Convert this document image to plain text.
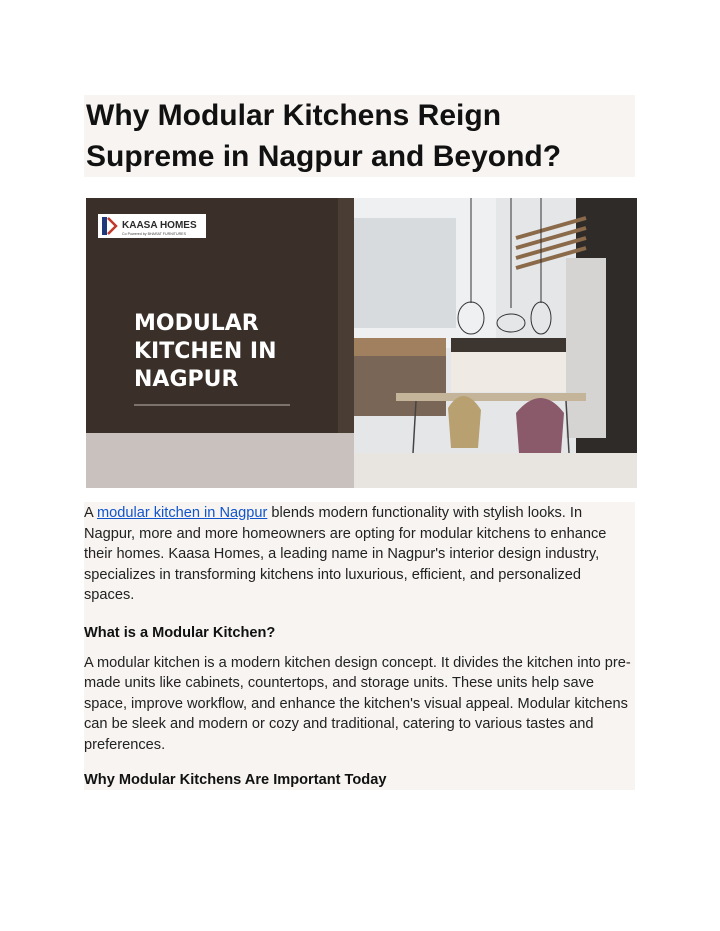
Why Modular Kitchens Reign Supreme in Nagpur and Beyond?
KAASA HOMES
Co Powered by BHARAT FURNITURES
MODULAR
KITCHEN IN
NAGPUR

A modular kitchen in Nagpur blends modern functionality with stylish looks. In Nagpur, more and more homeowners are opting for modular kitchens to enhance their homes. Kaasa Homes, a leading name in Nagpur's interior design industry, specializes in transforming kitchens into luxurious, efficient, and personalized spaces.

What is a Modular Kitchen?

A modular kitchen is a modern kitchen design concept. It divides the kitchen into pre-made units like cabinets, countertops, and storage units. These units help save space, improve workflow, and enhance the kitchen's visual appeal. Modular kitchens can be sleek and modern or cozy and traditional, catering to various tastes and preferences.

Why Modular Kitchens Are Important Today
